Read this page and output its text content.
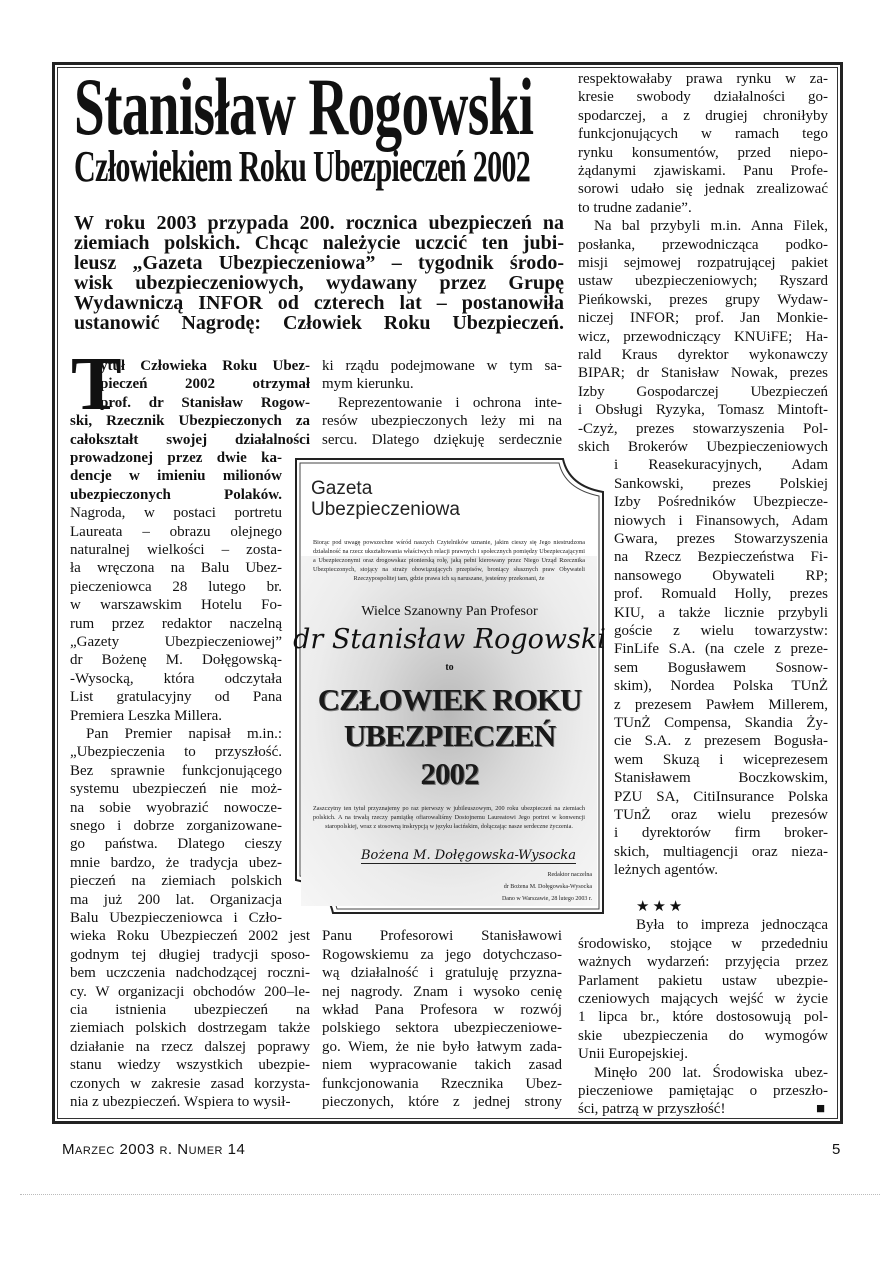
Stanisław Rogowski
Człowiekiem Roku Ubezpieczeń 2002
W roku 2003 przypada 200. rocznica ubezpieczeń na
ziemiach polskich. Chcąc należycie uczcić ten jubi-
leusz „Gazeta Ubezpieczeniowa” – tygodnik środo-
wisk ubezpieczeniowych, wydawany przez Grupę
Wydawniczą INFOR od czterech lat – postanowiła
ustanowić Nagrodę: Człowiek Roku Ubezpieczeń.
T
ytuł Człowieka Roku Ubez-
pieczeń 2002 otrzymał
prof. dr Stanisław Rogow-
ski, Rzecznik Ubezpieczonych za
całokształt swojej działalności
prowadzonej przez dwie ka-
dencje w imieniu milionów
ubezpieczonych Polaków.
Nagroda, w postaci portretu
Laureata – obrazu olejnego
naturalnej wielkości – zosta-
ła wręczona na Balu Ubez-
pieczeniowca 28 lutego br.
w warszawskim Hotelu Fo-
rum przez redaktor naczelną
„Gazety Ubezpieczeniowej”
dr Bożenę M. Dołęgowską-
-Wysocką, która odczytała
List gratulacyjny od Pana
Premiera Leszka Millera.
Pan Premier napisał m.in.:
„Ubezpieczenia to przyszłość.
Bez sprawnie funkcjonującego
systemu ubezpieczeń nie moż-
na sobie wyobrazić nowocze-
snego i dobrze zorganizowane-
go państwa. Dlatego cieszy
mnie bardzo, że tradycja ubez-
pieczeń na ziemiach polskich
ma już 200 lat. Organizacja
Balu Ubezpieczeniowca i Czło-
wieka Roku Ubezpieczeń 2002 jest
godnym tej długiej tradycji sposo-
bem uczczenia nadchodzącej roczni-
cy. W organizacji obchodów 200–le-
cia istnienia ubezpieczeń na
ziemiach polskich dostrzegam także
działanie na rzecz dalszej poprawy
stanu wiedzy wszystkich ubezpie-
czonych w zakresie zasad korzysta-
nia z ubezpieczeń. Wspiera to wysił-
ki rządu podejmowane w tym sa-
mym kierunku.
Reprezentowanie i ochrona inte-
resów ubezpieczonych leży mi na
sercu. Dlatego dziękuję serdecznie
Panu Profesorowi Stanisławowi
Rogowskiemu za jego dotychczaso-
wą działalność i gratuluję przyzna-
nej nagrody. Znam i wysoko cenię
wkład Pana Profesora w rozwój
polskiego sektora ubezpieczeniowe-
go. Wiem, że nie było łatwym zada-
niem wypracowanie takich zasad
funkcjonowania Rzecznika Ubez-
pieczonych, które z jednej strony
respektowałaby prawa rynku w za-
kresie swobody działalności go-
spodarczej, a z drugiej chroniłyby
funkcjonujących w ramach tego
rynku konsumentów, przed niepo-
żądanymi zjawiskami. Panu Profe-
sorowi udało się jednak zrealizować
to trudne zadanie”.
Na bal przybyli m.in. Anna Filek,
posłanka, przewodnicząca podko-
misji sejmowej rozpatrującej pakiet
ustaw ubezpieczeniowych; Ryszard
Pieńkowski, prezes grupy Wydaw-
niczej INFOR; prof. Jan Monkie-
wicz, przewodniczący KNUiFE; Ha-
rald Kraus dyrektor wykonawczy
BIPAR; dr Stanisław Nowak, prezes
Izby Gospodarczej Ubezpieczeń
i Obsługi Ryzyka, Tomasz Mintoft-
-Czyż, prezes stowarzyszenia Pol-
skich Brokerów Ubezpieczeniowych
i Reasekuracyjnych, Adam
Sankowski, prezes Polskiej
Izby Pośredników Ubezpiecze-
niowych i Finansowych, Adam
Gwara, prezes Stowarzyszenia
na Rzecz Bezpieczeństwa Fi-
nansowego Obywateli RP;
prof. Romuald Holly, prezes
KIU, a także licznie przybyli
goście z wielu towarzystw:
FinLife S.A. (na czele z preze-
sem Bogusławem Sosnow-
skim), Nordea Polska TUnŻ
z prezesem Pawłem Millerem,
TUnŻ Compensa, Skandia Ży-
cie S.A. z prezesem Bogusła-
wem Skuzą i wiceprezesem
Stanisławem Boczkowskim,
PZU SA, CitiInsurance Polska
TUnŻ oraz wielu prezesów
i dyrektorów firm broker-
skich, multiagencji oraz nieza-
leżnych agentów.
★★★
Była to impreza jednocząca
środowisko, stojące w przededniu
ważnych wydarzeń: przyjęcia przez
Parlament pakietu ustaw ubezpie-
czeniowych mających wejść w życie
1 lipca br., które dostosowują pol-
skie ubezpieczenia do wymogów
Unii Europejskiej.
Minęło 200 lat. Środowiska ubez-
pieczeniowe pamiętając o przeszło-
ści, patrzą w przyszłość!	■
Gazeta
Ubezpieczeniowa
Biorąc pod uwagę powszechne wśród naszych Czytelników uznanie, jakim cieszy się Jego niestrudzona działalność na rzecz ukształtowania właściwych relacji prawnych i społecznych pomiędzy Ubezpieczającymi a Ubezpieczonymi oraz drogowskaz pionierską rolę, jaką pełni kierowany przez Niego Urząd Rzecznika Ubezpieczonych, stojący na straży obowiązujących przepisów, broniący słusznych praw Obywateli Rzeczypospolitej tam, gdzie prawa ich są naruszane, jesteśmy przekonani, że
Wielce Szanowny Pan Profesor
dr Stanisław Rogowski
to
CZŁOWIEK ROKU
UBEZPIECZEŃ
2002
Zaszczytny ten tytuł przyznajemy po raz pierwszy w jubileuszowym, 200 roku ubezpieczeń na ziemiach polskich. A na trwałą rzeczy pamiątkę ofiarowaliśmy Dostojnemu Laureatowi Jego portret w konwencji staropolskiej, wraz z stosowną inskrypcją w języku łacińskim, dołączając nasze serdeczne życzenia.
Bożena M. Dołęgowska-Wysocka
Redaktor naczelna
dr Bożena M. Dołęgowska-Wysocka
Dano w Warszawie, 28 lutego 2003 r.
Marzec 2003 r. Numer 14	5
